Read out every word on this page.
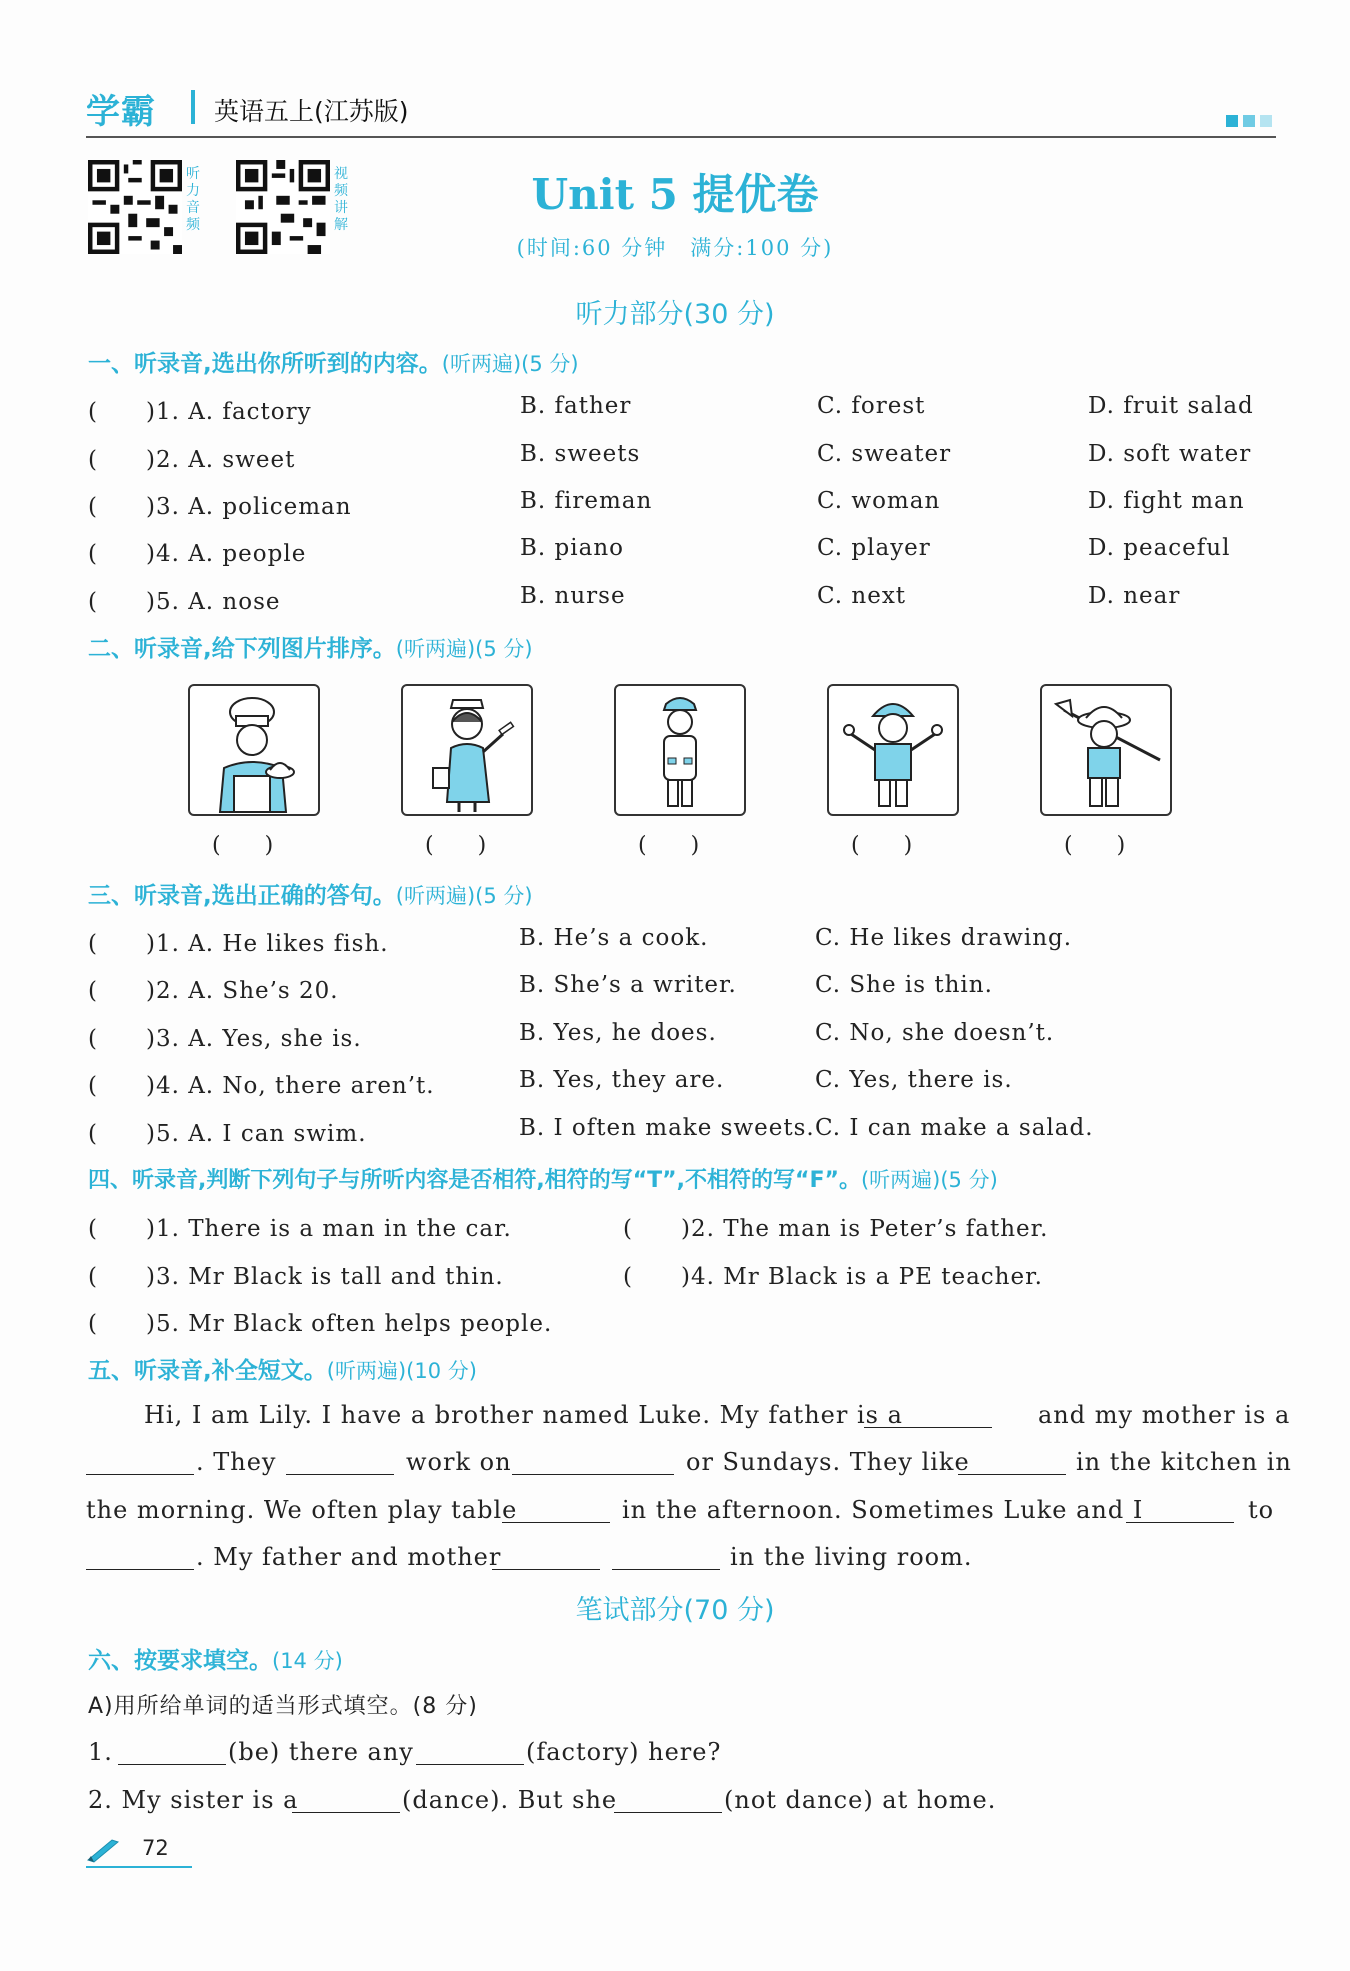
学霸 英语五上(江苏版)
听力音频
视频讲解
Unit 5 提优卷
(时间:60 分钟　满分:100 分)
听力部分(30 分)
一、听录音,选出你所听到的内容。(听两遍)(5 分)
(　　)1. A. factory	B. father	C. forest	D. fruit salad
(　　)2. A. sweet	B. sweets	C. sweater	D. soft water
(　　)3. A. policeman	B. fireman	C. woman	D. fight man
(　　)4. A. people	B. piano	C. player	D. peaceful
(　　)5. A. nose	B. nurse	C. next	D. near
二、听录音,给下列图片排序。(听两遍)(5 分)
(　　)	(　　)	(　　)	(　　)	(　　)
三、听录音,选出正确的答句。(听两遍)(5 分)
(　　)1. A. He likes fish.	B. He’s a cook.	C. He likes drawing.
(　　)2. A. She’s 20.	B. She’s a writer.	C. She is thin.
(　　)3. A. Yes, she is.	B. Yes, he does.	C. No, she doesn’t.
(　　)4. A. No, there aren’t.	B. Yes, they are.	C. Yes, there is.
(　　)5. A. I can swim.	B. I often make sweets. C. I can make a salad.
四、听录音,判断下列句子与所听内容是否相符,相符的写“T”,不相符的写“F”。(听两遍)(5 分)
(　　)1. There is a man in the car.	(　　)2. The man is Peter’s father.
(　　)3. Mr Black is tall and thin.	(　　)4. Mr Black is a PE teacher.
(　　)5. Mr Black often helps people.
五、听录音,补全短文。(听两遍)(10 分)
Hi, I am Lily. I have a brother named Luke. My father is a	and my mother is a
. They	work on	or Sundays. They like	in the kitchen in
the morning. We often play table	in the afternoon. Sometimes Luke and I	to
. My father and mother	in the living room.
笔试部分(70 分)
六、按要求填空。(14 分)
A)用所给单词的适当形式填空。(8 分)
1.	(be) there any	(factory) here?
2. My sister is a	(dance). But she	(not dance) at home.
72
